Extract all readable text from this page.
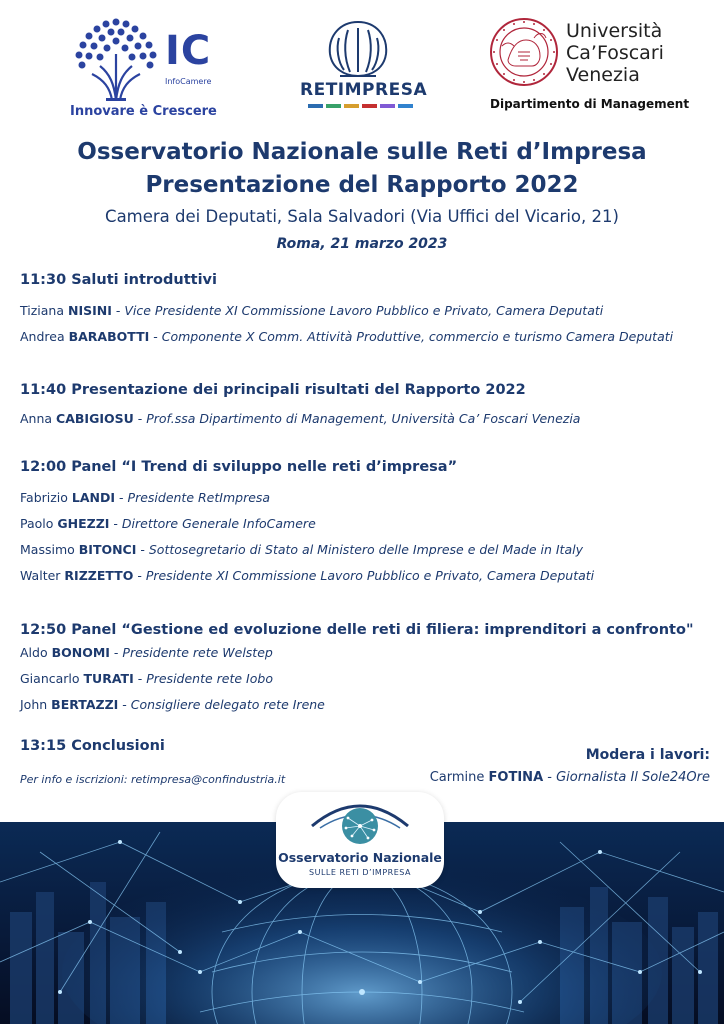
IC
InfoCamere
Innovare è Crescere
RETIMPRESA
Università
Ca’Foscari
Venezia
Dipartimento di Management
Osservatorio Nazionale sulle Reti d’Impresa
Presentazione del Rapporto 2022
Camera dei Deputati, Sala Salvadori (Via Uffici del Vicario, 21)
Roma, 21 marzo 2023
11:30 Saluti introduttivi
Tiziana NISINI - Vice Presidente XI Commissione Lavoro Pubblico e Privato, Camera Deputati
Andrea BARABOTTI - Componente X Comm. Attività Produttive, commercio e turismo Camera Deputati
11:40 Presentazione dei principali risultati del Rapporto 2022
Anna CABIGIOSU - Prof.ssa Dipartimento di Management, Università Ca’ Foscari Venezia
12:00 Panel “I Trend di sviluppo nelle reti d’impresa”
Fabrizio LANDI - Presidente RetImpresa
Paolo GHEZZI - Direttore Generale InfoCamere
Massimo BITONCI - Sottosegretario di Stato al Ministero delle Imprese e del Made in Italy
Walter RIZZETTO - Presidente XI Commissione Lavoro Pubblico e Privato, Camera Deputati
12:50 Panel “Gestione ed evoluzione delle reti di filiera: imprenditori a confronto"
Aldo BONOMI - Presidente rete Welstep
Giancarlo TURATI - Presidente rete Iobo
John BERTAZZI - Consigliere delegato rete Irene
13:15 Conclusioni
Modera i lavori:
Carmine FOTINA - Giornalista Il Sole24Ore
Per info e iscrizioni: retimpresa@confindustria.it
Osservatorio Nazionale
SULLE RETI D’IMPRESA
